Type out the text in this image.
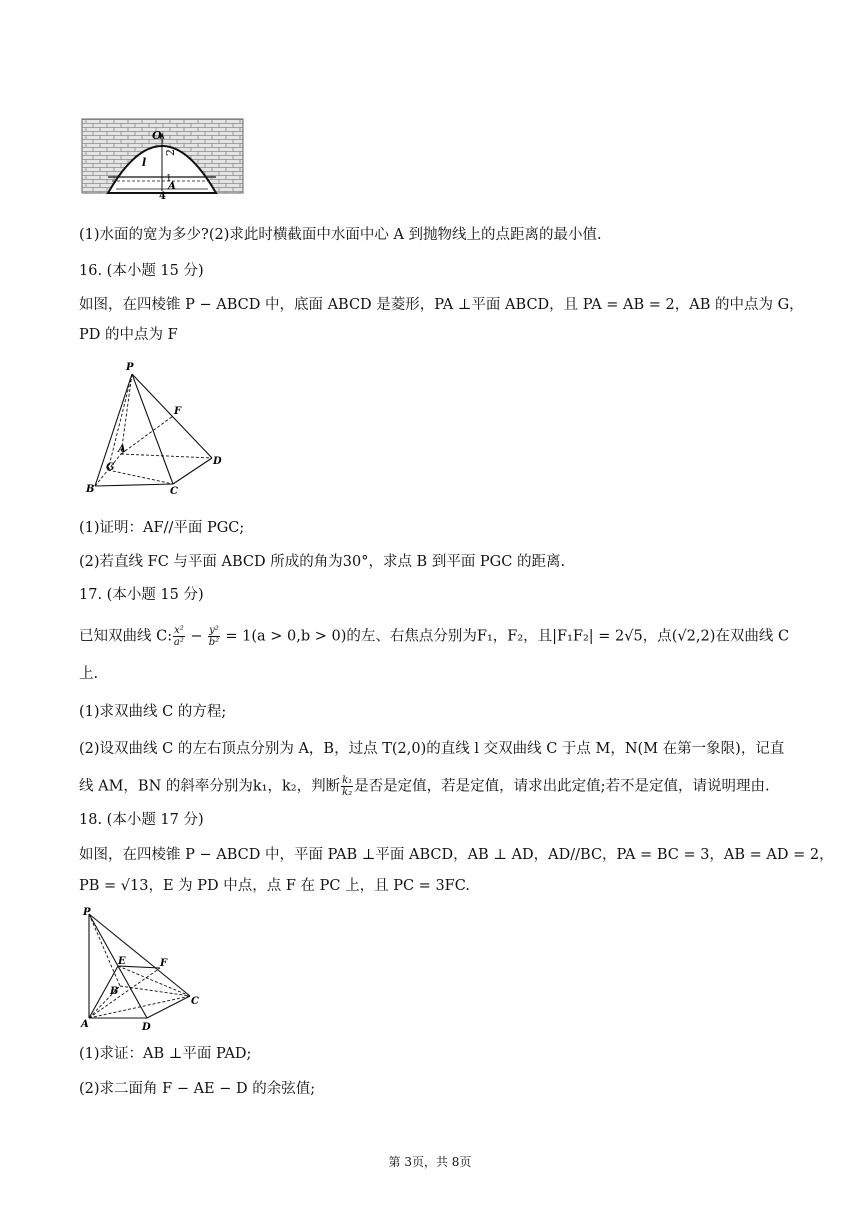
O
2
l
1
A
4
(1)水面的宽为多少?(2)求此时横截面中水面中心 A 到抛物线上的点距离的最小值.
16. (本小题 15 分)
如图，在四棱锥 P − ABCD 中，底面 ABCD 是菱形，PA ⊥平面 ABCD，且 PA = AB = 2，AB 的中点为 G，
PD 的中点为 F
P
F
A
G
D
B	C
(1)证明：AF//平面 PGC;
(2)若直线 FC 与平面 ABCD 所成的角为30°，求点 B 到平面 PGC 的距离.
17. (本小题 15 分)
已知双曲线 C: $\frac{\text{x²}}{\text{a²}} - \frac{\text{y²}}{\text{b²}} = 1(a > 0,b > 0)$的左、右焦点分别为F₁，F₂，且|F₁F₂| = 2√5，点(√2,2)在双曲线 C
上.
(1)求双曲线 C 的方程;
(2)设双曲线 C 的左右顶点分别为 A，B，过点 T(2,0)的直线 l 交双曲线 C 于点 M，N(M 在第一象限)，记直
线 AM，BN 的斜率分别为k₁，k₂，判断 $\frac{\text{k₁}}{\text{k₂}}$ 是否是定值，若是定值，请求出此定值;若不是定值，请说明理由.
18. (本小题 17 分)
如图，在四棱锥 P − ABCD 中，平面 PAB ⊥平面 ABCD，AB ⊥ AD，AD//BC，PA = BC = 3，AB = AD = 2，
PB = √13，E 为 PD 中点，点 F 在 PC 上，且 PC = 3FC.
P
E	F
B
C
A	D
(1)求证：AB ⊥平面 PAD;
(2)求二面角 F − AE − D 的余弦值;
第 3页，共 8页
